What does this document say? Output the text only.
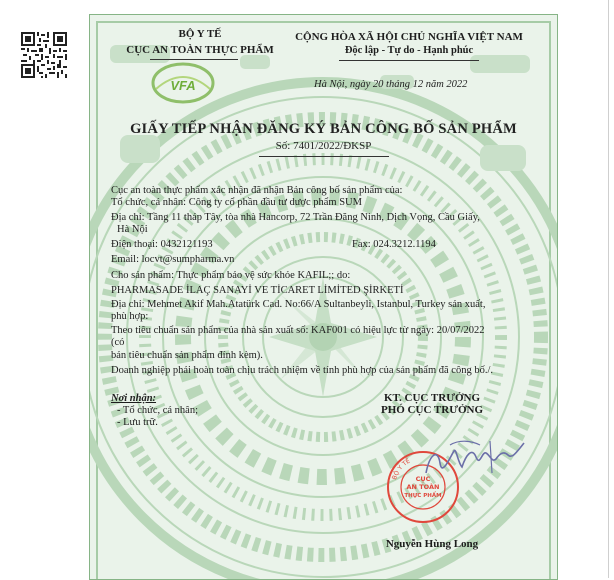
BỘ Y TẾ
CỤC AN TOÀN THỰC PHẨM
VFA
CỘNG HÒA XÃ HỘI CHỦ NGHĨA VIỆT NAM
Độc lập - Tự do - Hạnh phúc
Hà Nội, ngày 20 tháng 12 năm 2022
GIẤY TIẾP NHẬN ĐĂNG KÝ BẢN CÔNG BỐ SẢN PHẨM
Số: 7401/2022/ĐKSP
Cục an toàn thực phẩm xác nhận đã nhận Bản công bố sản phẩm của:
Tổ chức, cá nhân: Công ty cổ phần đầu tư dược phẩm SUM
Địa chỉ: Tầng 11 tháp Tây, tòa nhà Hancorp, 72 Trần Đăng Ninh, Dịch Vọng, Cầu Giấy,
Hà Nội
Điện thoại: 0432121193	Fax: 024.3212.1194
Email: locvt@sumpharma.vn
Cho sản phẩm: Thực phẩm bảo vệ sức khỏe KAFIL;; do:
PHARMASADE İLAÇ SANAYİ VE TİCARET LİMİTED ŞİRKETİ
Địa chỉ: Mehmet Akif Mah.Atatürk Cad. No:66/A Sultanbeyli, Istanbul, Turkey sản xuất,
phù hợp:
Theo tiêu chuẩn sản phẩm của nhà sản xuất số: KAF001 có hiệu lực từ ngày: 20/07/2022
(có
bản tiêu chuẩn sản phẩm đính kèm).
Doanh nghiệp phải hoàn toàn chịu trách nhiệm về tính phù hợp của sản phẩm đã công bố./.
Nơi nhận:
- Tổ chức, cá nhân;
- Lưu trữ.
KT. CỤC TRƯỞNG
PHÓ CỤC TRƯỞNG
BỘ Y TẾ
CỤC
AN TOÀN
THỰC PHẨM
Nguyễn Hùng Long
